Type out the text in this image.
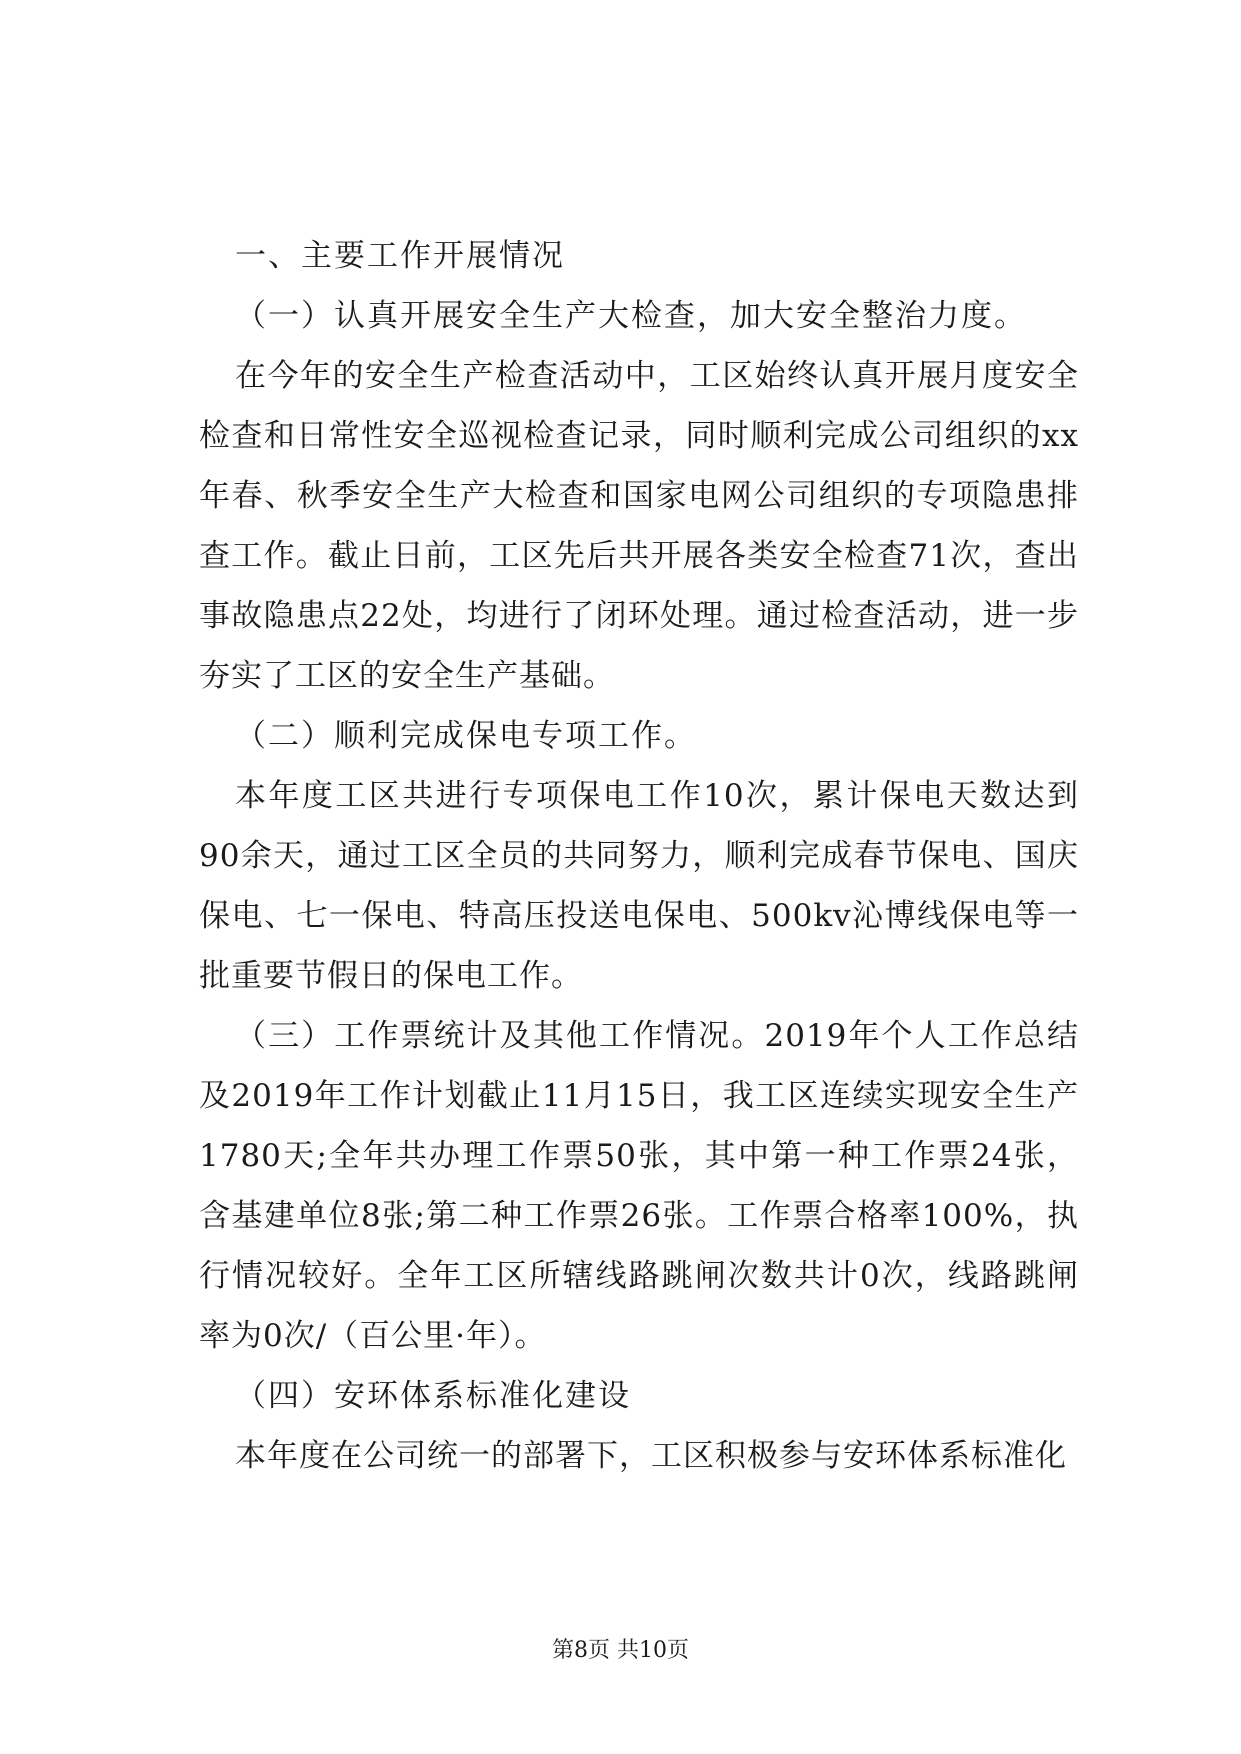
一、主要工作开展情况

（一）认真开展安全生产大检查，加大安全整治力度。

在今年的安全生产检查活动中，工区始终认真开展月度安全检查和日常性安全巡视检查记录，同时顺利完成公司组织的xx年春、秋季安全生产大检查和国家电网公司组织的专项隐患排查工作。截止日前，工区先后共开展各类安全检查71次，查出事故隐患点22处，均进行了闭环处理。通过检查活动，进一步夯实了工区的安全生产基础。

（二）顺利完成保电专项工作。

本年度工区共进行专项保电工作10次，累计保电天数达到90余天，通过工区全员的共同努力，顺利完成春节保电、国庆保电、七一保电、特高压投送电保电、500kv沁博线保电等一批重要节假日的保电工作。

（三）工作票统计及其他工作情况。2019年个人工作总结及2019年工作计划截止11月15日，我工区连续实现安全生产1780天;全年共办理工作票50张，其中第一种工作票24张，含基建单位8张;第二种工作票26张。工作票合格率100%，执行情况较好。全年工区所辖线路跳闸次数共计0次，线路跳闸率为0次/（百公里·年）。

（四）安环体系标准化建设

本年度在公司统一的部署下，工区积极参与安环体系标准化

第8页 共10页
